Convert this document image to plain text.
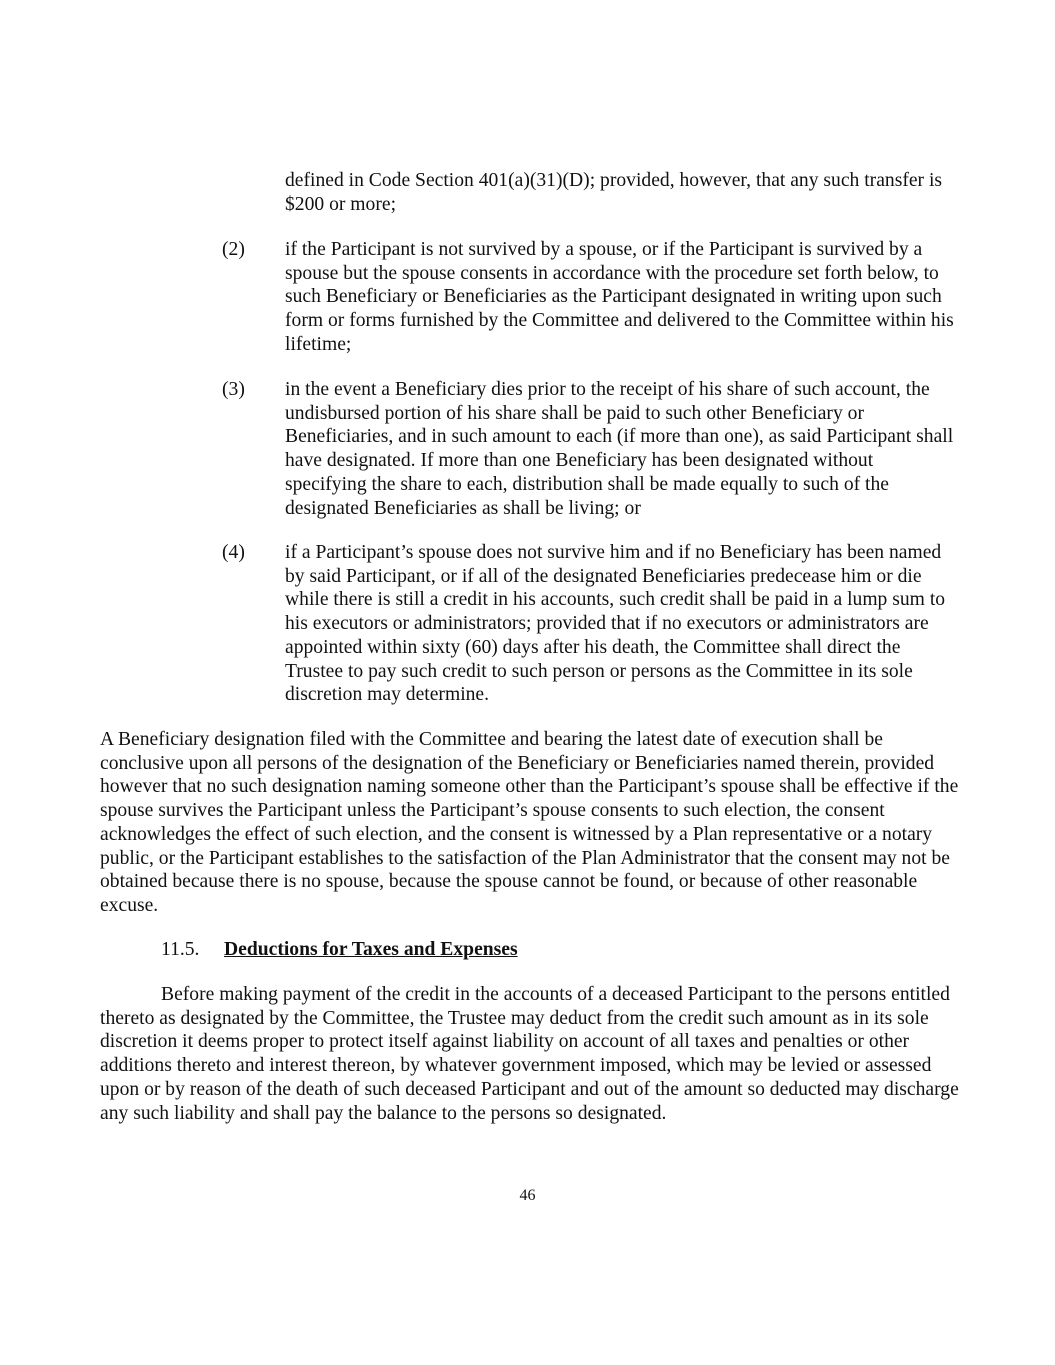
defined in Code Section 401(a)(31)(D); provided, however, that any such transfer is $200 or more;

(2)	if the Participant is not survived by a spouse, or if the Participant is survived by a spouse but the spouse consents in accordance with the procedure set forth below, to such Beneficiary or Beneficiaries as the Participant designated in writing upon such form or forms furnished by the Committee and delivered to the Committee within his lifetime;

(3)	in the event a Beneficiary dies prior to the receipt of his share of such account, the undisbursed portion of his share shall be paid to such other Beneficiary or Beneficiaries, and in such amount to each (if more than one), as said Participant shall have designated. If more than one Beneficiary has been designated without specifying the share to each, distribution shall be made equally to such of the designated Beneficiaries as shall be living; or

(4)	if a Participant’s spouse does not survive him and if no Beneficiary has been named by said Participant, or if all of the designated Beneficiaries predecease him or die while there is still a credit in his accounts, such credit shall be paid in a lump sum to his executors or administrators; provided that if no executors or administrators are appointed within sixty (60) days after his death, the Committee shall direct the Trustee to pay such credit to such person or persons as the Committee in its sole discretion may determine.

A Beneficiary designation filed with the Committee and bearing the latest date of execution shall be conclusive upon all persons of the designation of the Beneficiary or Beneficiaries named therein, provided however that no such designation naming someone other than the Participant’s spouse shall be effective if the spouse survives the Participant unless the Participant’s spouse consents to such election, the consent acknowledges the effect of such election, and the consent is witnessed by a Plan representative or a notary public, or the Participant establishes to the satisfaction of the Plan Administrator that the consent may not be obtained because there is no spouse, because the spouse cannot be found, or because of other reasonable excuse.

11.5. Deductions for Taxes and Expenses

Before making payment of the credit in the accounts of a deceased Participant to the persons entitled thereto as designated by the Committee, the Trustee may deduct from the credit such amount as in its sole discretion it deems proper to protect itself against liability on account of all taxes and penalties or other additions thereto and interest thereon, by whatever government imposed, which may be levied or assessed upon or by reason of the death of such deceased Participant and out of the amount so deducted may discharge any such liability and shall pay the balance to the persons so designated.

46
